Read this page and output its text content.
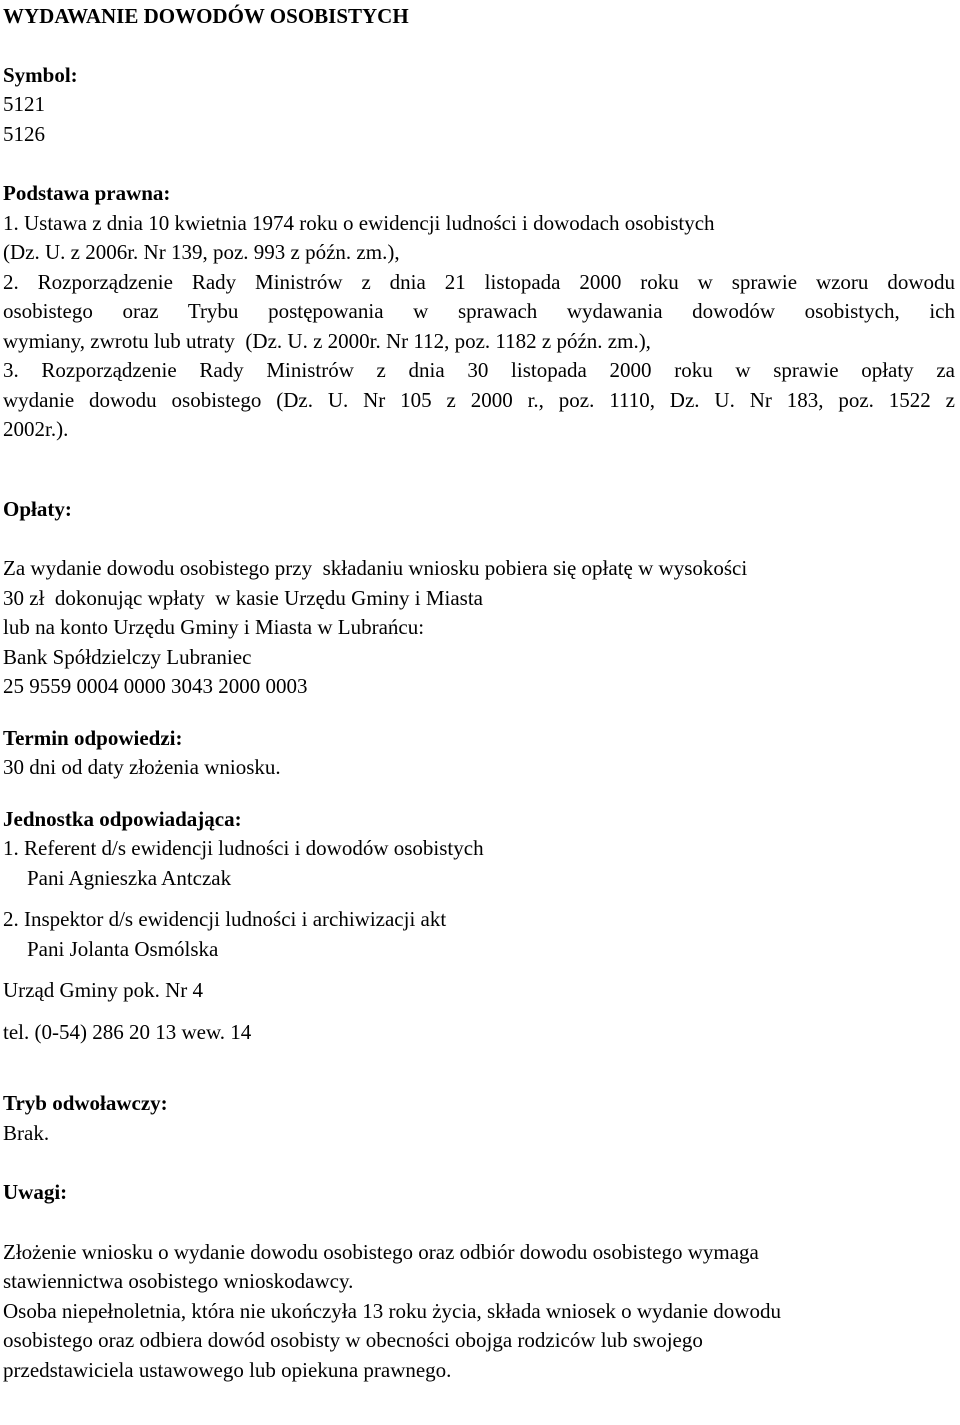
WYDAWANIE DOWODÓW OSOBISTYCH
Symbol:
5121
5126
Podstawa prawna:
1. Ustawa z dnia 10 kwietnia 1974 roku o ewidencji ludności i dowodach osobistych
(Dz. U. z 2006r. Nr 139, poz. 993 z późn. zm.),
2. Rozporządzenie Rady Ministrów z dnia 21 listopada 2000 roku w sprawie wzoru dowodu
osobistego oraz Trybu postępowania w sprawach wydawania dowodów osobistych, ich
wymiany, zwrotu lub utraty  (Dz. U. z 2000r. Nr 112, poz. 1182 z późn. zm.),
3. Rozporządzenie Rady Ministrów z dnia 30 listopada 2000 roku w sprawie opłaty za
wydanie dowodu osobistego (Dz. U. Nr 105 z 2000 r., poz. 1110, Dz. U. Nr 183, poz. 1522 z
2002r.).
Opłaty:
Za wydanie dowodu osobistego przy  składaniu wniosku pobiera się opłatę w wysokości
30 zł  dokonując wpłaty  w kasie Urzędu Gminy i Miasta
lub na konto Urzędu Gminy i Miasta w Lubrańcu:
Bank Spółdzielczy Lubraniec
25 9559 0004 0000 3043 2000 0003
Termin odpowiedzi:
30 dni od daty złożenia wniosku.
Jednostka odpowiadająca:
1. Referent d/s ewidencji ludności i dowodów osobistych
Pani Agnieszka Antczak
2. Inspektor d/s ewidencji ludności i archiwizacji akt
Pani Jolanta Osmólska
Urząd Gminy pok. Nr 4
tel. (0-54) 286 20 13 wew. 14
Tryb odwoławczy:
Brak.
Uwagi:
Złożenie wniosku o wydanie dowodu osobistego oraz odbiór dowodu osobistego wymaga
stawiennictwa osobistego wnioskodawcy.
Osoba niepełnoletnia, która nie ukończyła 13 roku życia, składa wniosek o wydanie dowodu
osobistego oraz odbiera dowód osobisty w obecności obojga rodziców lub swojego
przedstawiciela ustawowego lub opiekuna prawnego.
